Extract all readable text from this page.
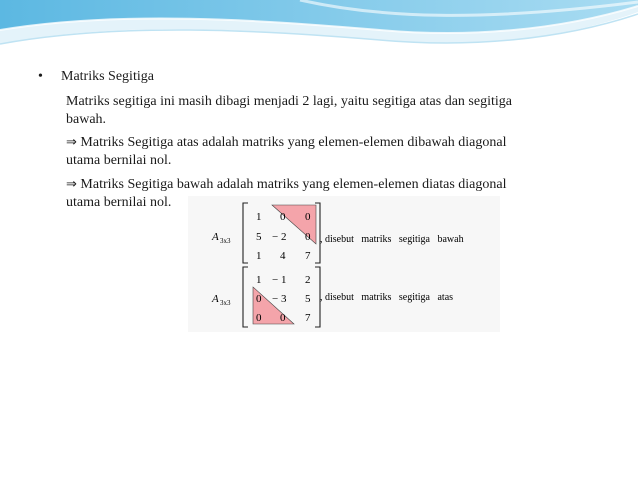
• Matriks Segitiga

Matriks segitiga ini masih dibagi menjadi 2 lagi, yaitu segitiga atas dan segitiga
bawah.

⇒ Matriks Segitiga atas adalah matriks yang elemen-elemen dibawah diagonal
utama bernilai nol.

⇒ Matriks Segitiga bawah adalah matriks yang elemen-elemen diatas diagonal
utama bernilai nol.

A 3x3
1 0 0
5 − 2 0
1 4 7
, disebut   matriks   segitiga   bawah
A 3x3
1 − 1 2
0 − 3 5
0 0 7
, disebut   matriks   segitiga   atas
